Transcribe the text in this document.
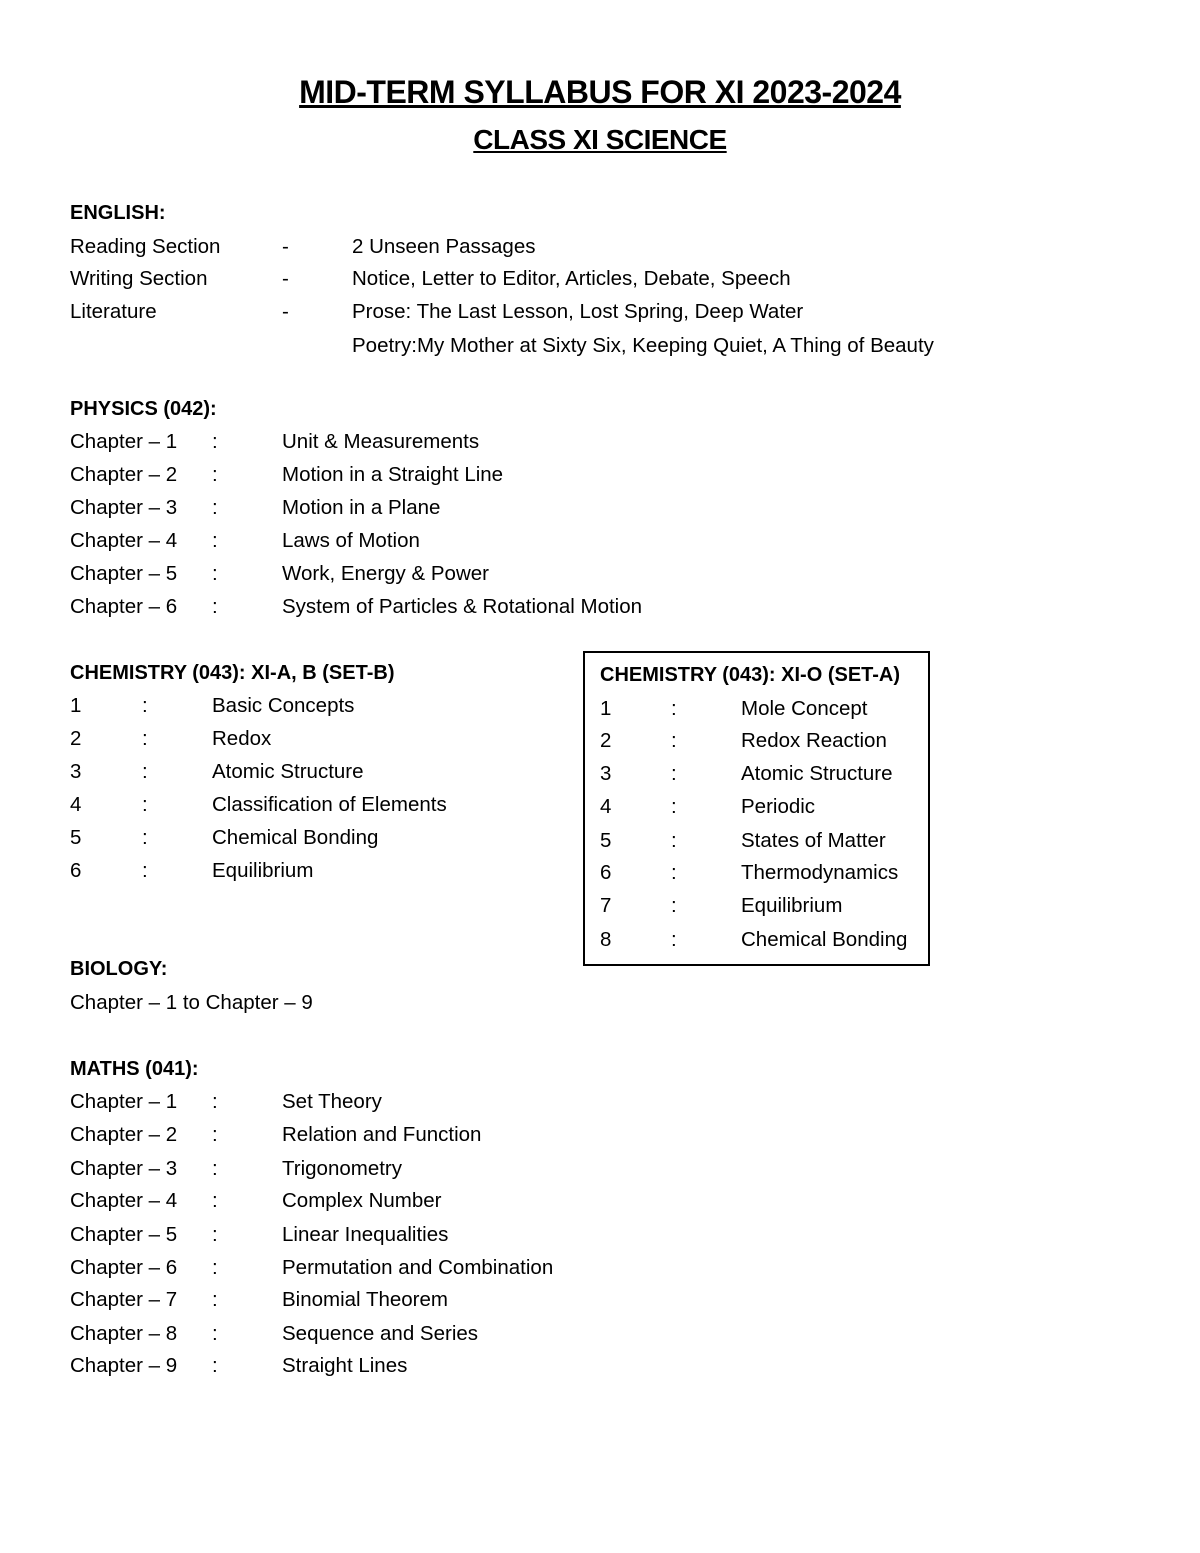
MID-TERM SYLLABUS FOR XI 2023-2024
CLASS XI SCIENCE
ENGLISH:
Reading Section	-	2 Unseen Passages
Writing Section	-	Notice, Letter to Editor, Articles, Debate, Speech
Literature	-	Prose: The Last Lesson, Lost Spring, Deep Water
Poetry:My Mother at Sixty Six, Keeping Quiet, A Thing of Beauty
PHYSICS (042):
Chapter – 1 :	Unit & Measurements
Chapter – 2 :	Motion in a Straight Line
Chapter – 3 :	Motion in a Plane
Chapter – 4 :	Laws of Motion
Chapter – 5 :	Work, Energy & Power
Chapter – 6 :	System of Particles & Rotational Motion
CHEMISTRY (043): XI-A, B (SET-B)
1	:	Basic Concepts
2	:	Redox
3	:	Atomic Structure
4	:	Classification of Elements
5	:	Chemical Bonding
6	:	Equilibrium
CHEMISTRY (043): XI-O (SET-A)
1	:	Mole Concept
2	:	Redox Reaction
3	:	Atomic Structure
4	:	Periodic
5	:	States of Matter
6	:	Thermodynamics
7	:	Equilibrium
8	:	Chemical Bonding
BIOLOGY:
Chapter – 1 to Chapter – 9
MATHS (041):
Chapter – 1 :	Set Theory
Chapter – 2 :	Relation and Function
Chapter – 3 :	Trigonometry
Chapter – 4 :	Complex Number
Chapter – 5 :	Linear Inequalities
Chapter – 6 :	Permutation and Combination
Chapter – 7 :	Binomial Theorem
Chapter – 8 :	Sequence and Series
Chapter – 9 :	Straight Lines
